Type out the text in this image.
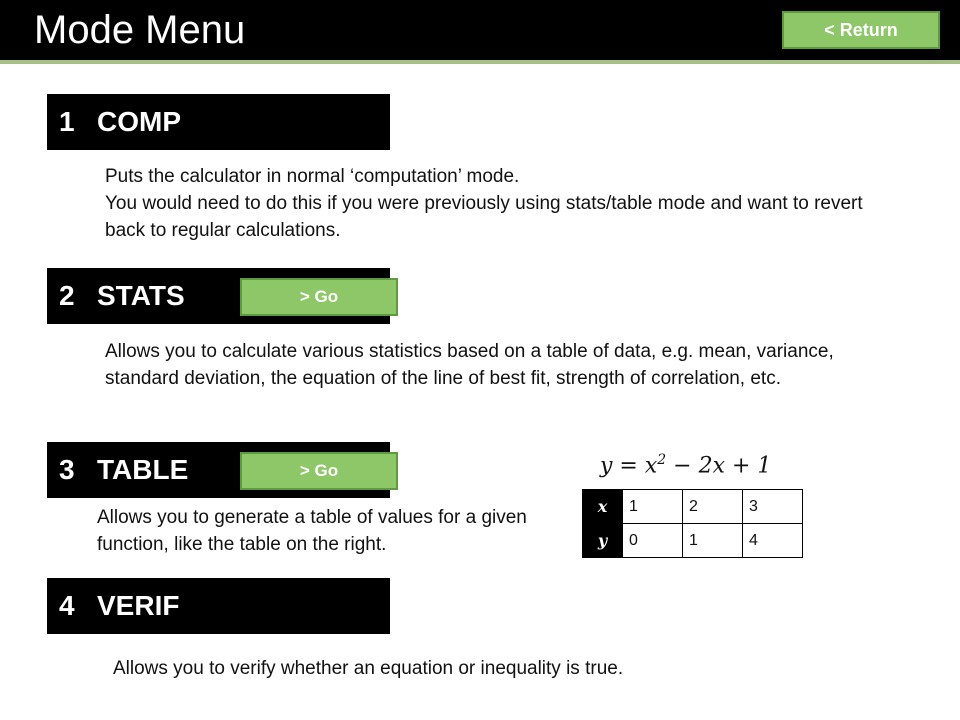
Mode Menu	< Return
1 COMP

Puts the calculator in normal ‘computation’ mode.

You would need to do this if you were previously using stats/table mode and want to revert back to regular calculations.

2 STATS	> Go

Allows you to calculate various statistics based on a table of data, e.g. mean, variance, standard deviation, the equation of the line of best fit, strength of correlation, etc.

3 TABLE	> Go

Allows you to generate a table of values for a given function, like the table on the right.

$y = x^2 - 2x + 1$
x	1	2	3
y	0	1	4
4 VERIF

Allows you to verify whether an equation or inequality is true.
